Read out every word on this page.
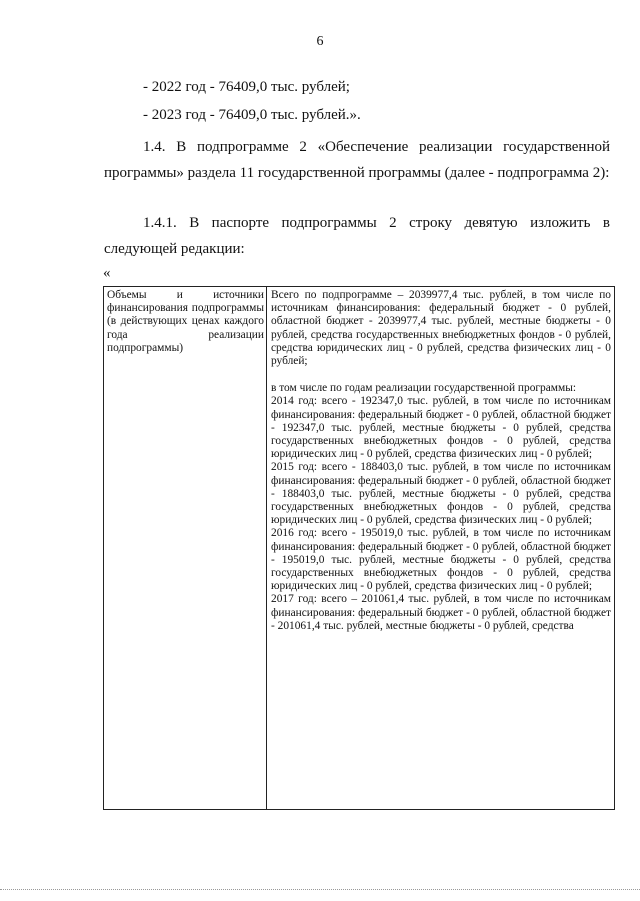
6
- 2022 год - 76409,0 тыс. рублей;
- 2023 год - 76409,0 тыс. рублей.».
1.4. В подпрограмме 2 «Обеспечение реализации государственной программы» раздела 11 государственной программы (далее - подпрограмма 2):
1.4.1. В паспорте подпрограммы 2 строку девятую изложить в следующей редакции:
«
Объемы и источники финансирования подпрограммы (в действующих ценах каждого года реализации подпрограммы)
Всего по подпрограмме – 2039977,4 тыс. рублей, в том числе по источникам финансирования: федеральный бюджет - 0 рублей, областной бюджет - 2039977,4 тыс. рублей, местные бюджеты - 0 рублей, средства государственных внебюджетных фондов - 0 рублей, средства юридических лиц - 0 рублей, средства физических лиц - 0 рублей;
в том числе по годам реализации государственной программы:
2014 год: всего - 192347,0 тыс. рублей, в том числе по источникам финансирования: федеральный бюджет - 0 рублей, областной бюджет - 192347,0 тыс. рублей, местные бюджеты - 0 рублей, средства государственных внебюджетных фондов - 0 рублей, средства юридических лиц - 0 рублей, средства физических лиц - 0 рублей;
2015 год: всего - 188403,0 тыс. рублей, в том числе по источникам финансирования: федеральный бюджет - 0 рублей, областной бюджет - 188403,0 тыс. рублей, местные бюджеты - 0 рублей, средства государственных внебюджетных фондов - 0 рублей, средства юридических лиц - 0 рублей, средства физических лиц - 0 рублей;
2016 год: всего - 195019,0 тыс. рублей, в том числе по источникам финансирования: федеральный бюджет - 0 рублей, областной бюджет - 195019,0 тыс. рублей, местные бюджеты - 0 рублей, средства государственных внебюджетных фондов - 0 рублей, средства юридических лиц - 0 рублей, средства физических лиц - 0 рублей;
2017 год: всего – 201061,4 тыс. рублей, в том числе по источникам финансирования: федеральный бюджет - 0 рублей, областной бюджет - 201061,4 тыс. рублей, местные бюджеты - 0 рублей, средства
